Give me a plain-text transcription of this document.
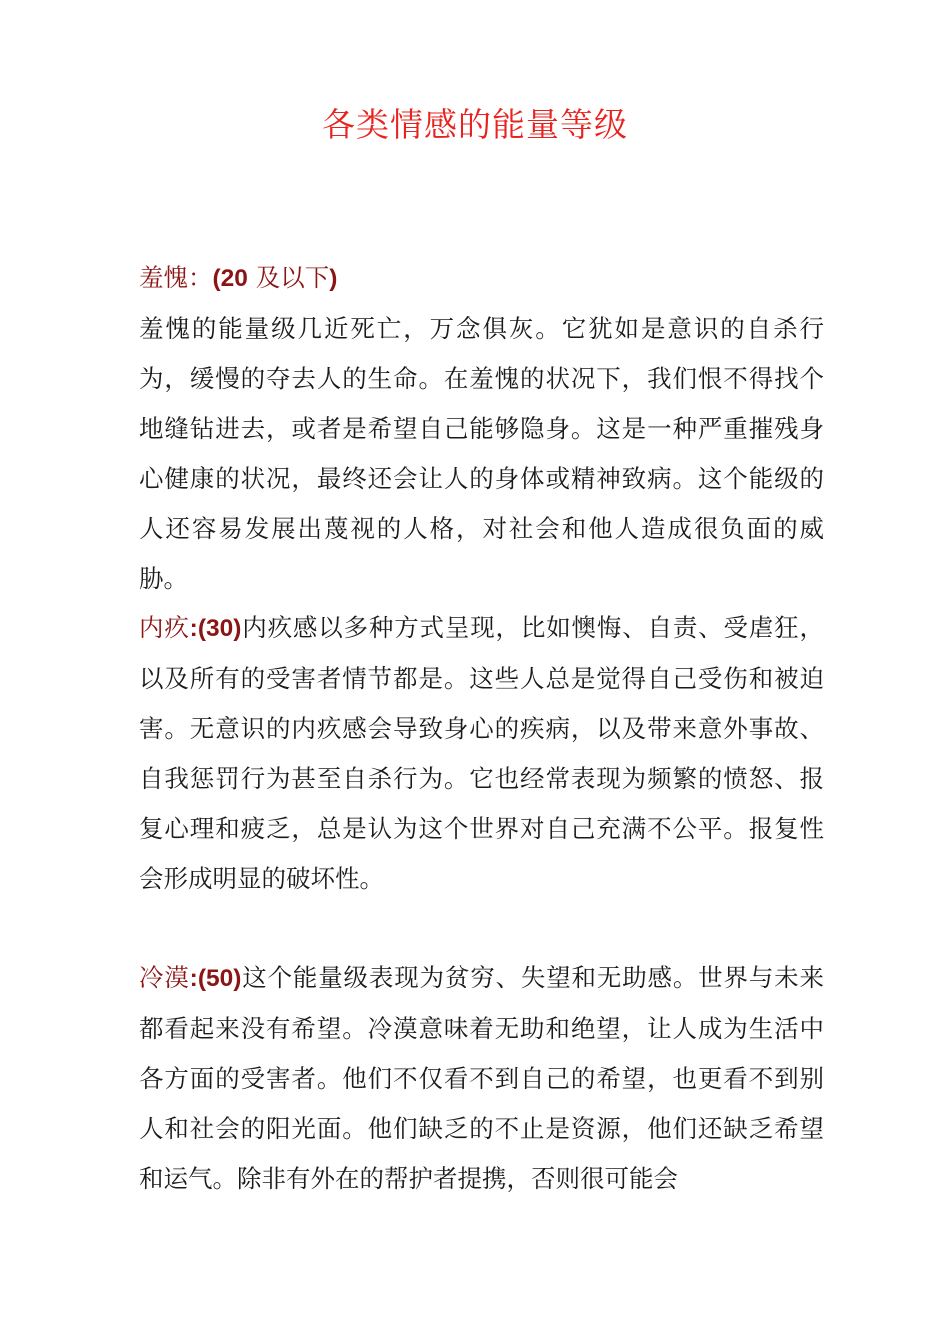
各类情感的能量等级
羞愧：(20 及以下)
羞愧的能量级几近死亡，万念俱灰。它犹如是意识的自杀行为，缓慢的夺去人的生命。在羞愧的状况下，我们恨不得找个地缝钻进去，或者是希望自己能够隐身。这是一种严重摧残身心健康的状况，最终还会让人的身体或精神致病。这个能级的人还容易发展出蔑视的人格，对社会和他人造成很负面的威胁。
内疚:(30)内疚感以多种方式呈现，比如懊悔、自责、受虐狂，以及所有的受害者情节都是。这些人总是觉得自己受伤和被迫害。无意识的内疚感会导致身心的疾病，以及带来意外事故、自我惩罚行为甚至自杀行为。它也经常表现为频繁的愤怒、报复心理和疲乏，总是认为这个世界对自己充满不公平。报复性会形成明显的破坏性。
冷漠:(50)这个能量级表现为贫穷、失望和无助感。世界与未来都看起来没有希望。冷漠意味着无助和绝望，让人成为生活中各方面的受害者。他们不仅看不到自己的希望，也更看不到别人和社会的阳光面。他们缺乏的不止是资源，他们还缺乏希望和运气。除非有外在的帮护者提携，否则很可能会
